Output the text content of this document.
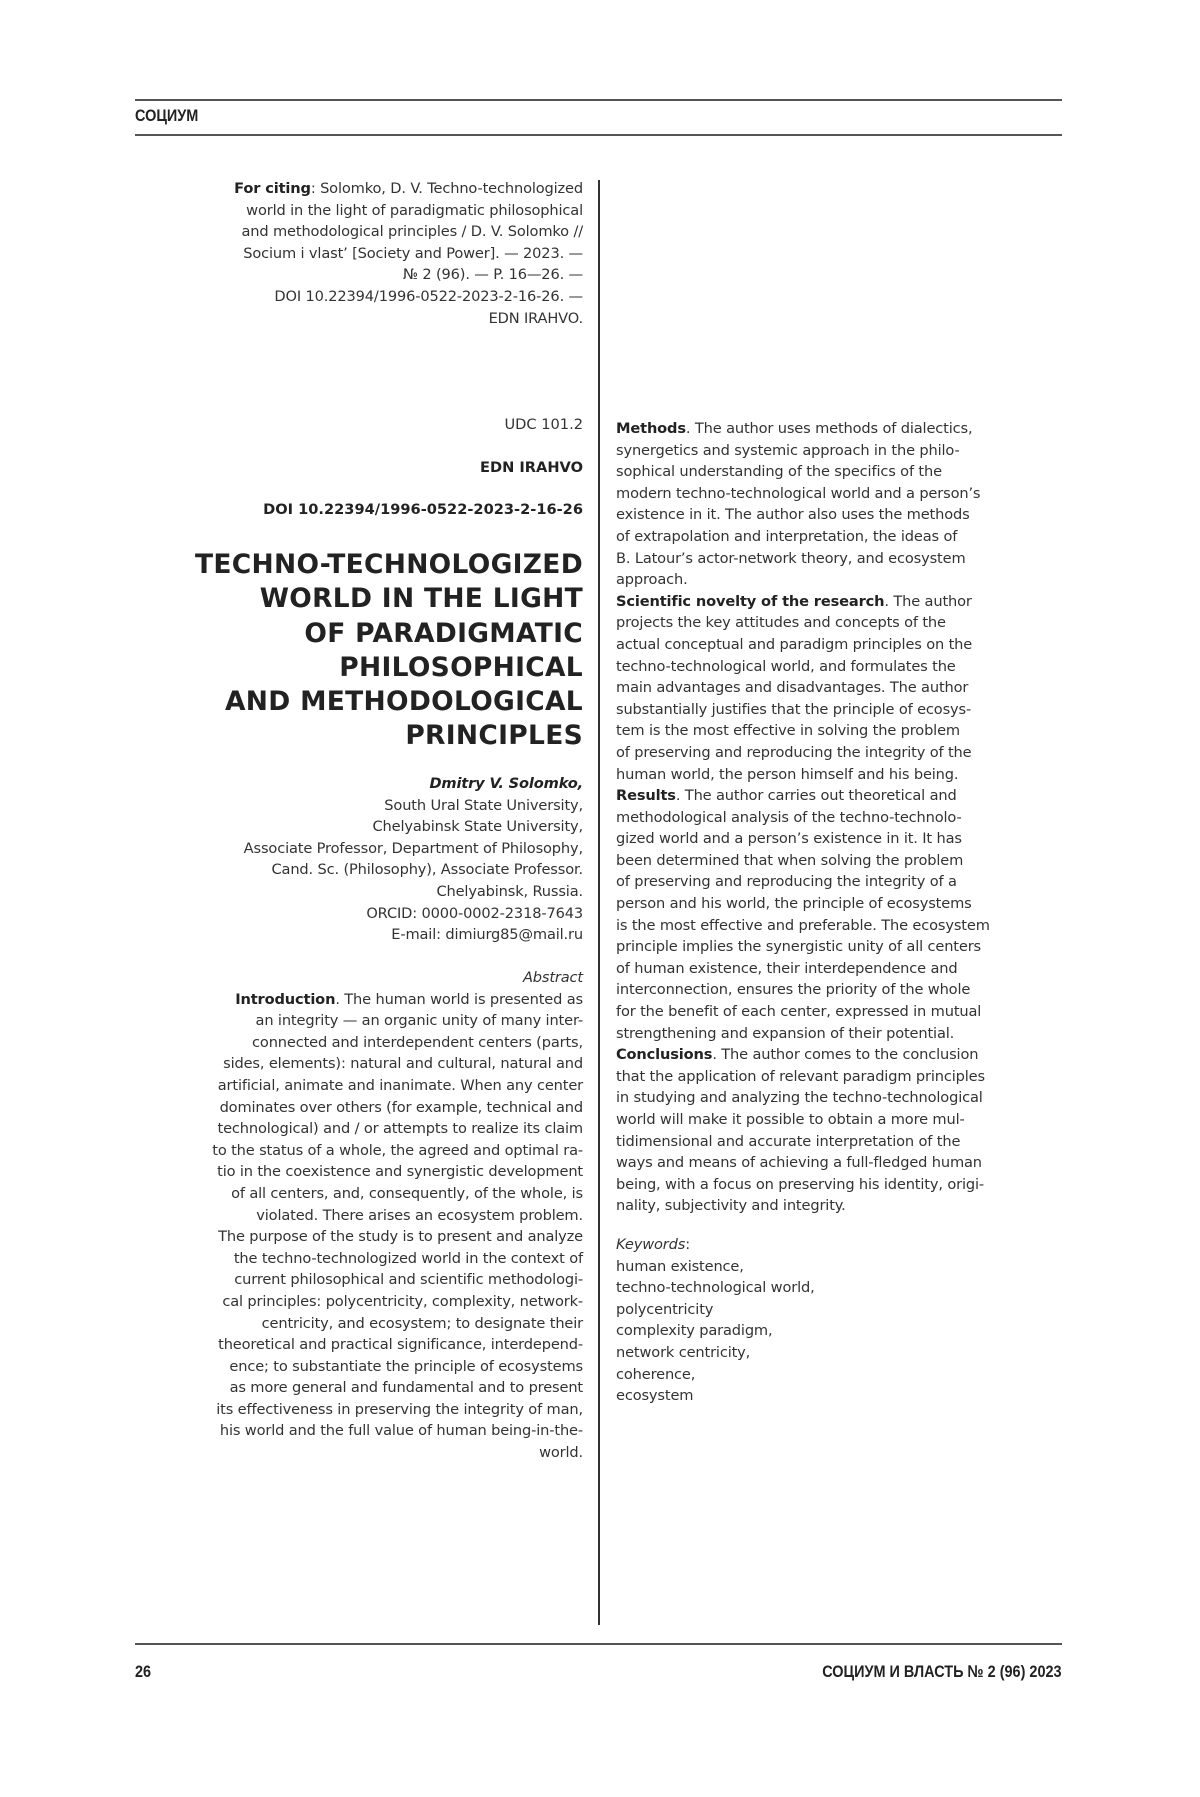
СОЦИУМ
For citing: Solomko, D. V. Techno-technologized
world in the light of paradigmatic philosophical
and methodological principles / D. V. Solomko //
Socium i vlast’ [Society and Power]. — 2023. —
№ 2 (96). — P. 16—26. —
DOI 10.22394/1996-0522-2023-2-16-26. —
EDN IRAHVO.
UDC 101.2
EDN IRAHVO
DOI 10.22394/1996-0522-2023-2-16-26
TECHNO-TECHNOLOGIZED
WORLD IN THE LIGHT
OF PARADIGMATIC
PHILOSOPHICAL
AND METHODOLOGICAL
PRINCIPLES
Dmitry V. Solomko,
South Ural State University,
Chelyabinsk State University,
Associate Professor, Department of Philosophy,
Cand. Sc. (Philosophy), Associate Professor.
Chelyabinsk, Russia.
ORCID: 0000-0002-2318-7643
E-mail: dimiurg85@mail.ru
Abstract
Introduction. The human world is presented as
an integrity — an organic unity of many inter-
connected and interdependent centers (parts,
sides, elements): natural and cultural, natural and
artificial, animate and inanimate. When any center
dominates over others (for example, technical and
technological) and / or attempts to realize its claim
to the status of a whole, the agreed and optimal ra-
tio in the coexistence and synergistic development
of all centers, and, consequently, of the whole, is
violated. There arises an ecosystem problem.
The purpose of the study is to present and analyze
the techno-technologized world in the context of
current philosophical and scientific methodologi-
cal principles: polycentricity, complexity, network-
centricity, and ecosystem; to designate their
theoretical and practical significance, interdepend-
ence; to substantiate the principle of ecosystems
as more general and fundamental and to present
its effectiveness in preserving the integrity of man,
his world and the full value of human being-in-the-
world.
Methods. The author uses methods of dialectics,
synergetics and systemic approach in the philo-
sophical understanding of the specifics of the
modern techno-technological world and a person’s
existence in it. The author also uses the methods
of extrapolation and interpretation, the ideas of
B. Latour’s actor-network theory, and ecosystem
approach.
Scientific novelty of the research. The author
projects the key attitudes and concepts of the
actual conceptual and paradigm principles on the
techno-technological world, and formulates the
main advantages and disadvantages. The author
substantially justifies that the principle of ecosys-
tem is the most effective in solving the problem
of preserving and reproducing the integrity of the
human world, the person himself and his being.
Results. The author carries out theoretical and
methodological analysis of the techno-technolo-
gized world and a person’s existence in it. It has
been determined that when solving the problem
of preserving and reproducing the integrity of a
person and his world, the principle of ecosystems
is the most effective and preferable. The ecosystem
principle implies the synergistic unity of all centers
of human existence, their interdependence and
interconnection, ensures the priority of the whole
for the benefit of each center, expressed in mutual
strengthening and expansion of their potential.
Conclusions. The author comes to the conclusion
that the application of relevant paradigm principles
in studying and analyzing the techno-technological
world will make it possible to obtain a more mul-
tidimensional and accurate interpretation of the
ways and means of achieving a full-fledged human
being, with a focus on preserving his identity, origi-
nality, subjectivity and integrity.
Keywords:
human existence,
techno-technological world,
polycentricity
complexity paradigm,
network centricity,
coherence,
ecosystem
26	СОЦИУМ И ВЛАСТЬ № 2 (96) 2023
